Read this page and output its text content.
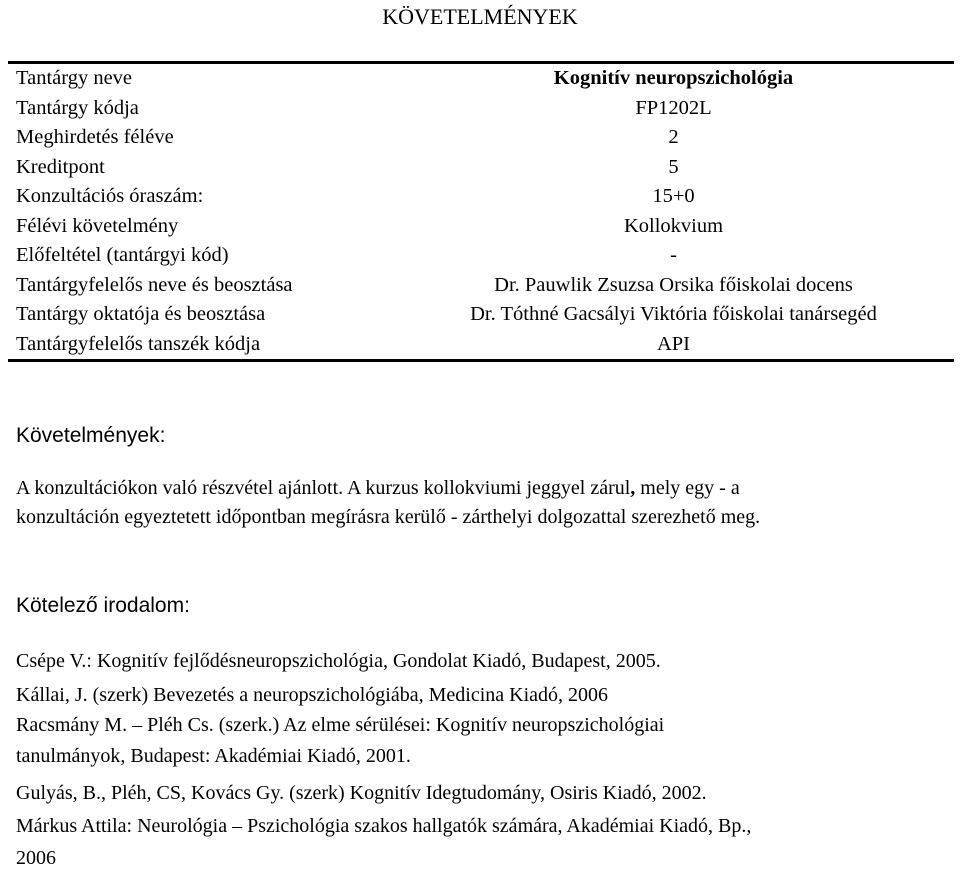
KÖVETELMÉNYEK
Tantárgy neve	Kognitív neuropszichológia
Tantárgy kódja	FP1202L
Meghirdetés féléve	2
Kreditpont	5
Konzultációs óraszám:	15+0
Félévi követelmény	Kollokvium
Előfeltétel (tantárgyi kód)	-
Tantárgyfelelős neve és beosztása	Dr. Pauwlik Zsuzsa Orsika főiskolai docens
Tantárgy oktatója és beosztása	Dr. Tóthné Gacsályi Viktória főiskolai tanársegéd
Tantárgyfelelős tanszék kódja	API
Követelmények:

A konzultációkon való részvétel ajánlott. A kurzus kollokviumi jeggyel zárul, mely egy - a

konzultáción egyeztetett időpontban megírásra kerülő - zárthelyi dolgozattal szerezhető meg.

Kötelező irodalom:
Csépe V.: Kognitív fejlődésneuropszichológia, Gondolat Kiadó, Budapest, 2005.
Kállai, J. (szerk) Bevezetés a neuropszichológiába, Medicina Kiadó, 2006
Racsmány M. – Pléh Cs. (szerk.) Az elme sérülései: Kognitív neuropszichológiai
tanulmányok, Budapest: Akadémiai Kiadó, 2001.
Gulyás, B., Pléh, CS, Kovács Gy. (szerk) Kognitív Idegtudomány, Osiris Kiadó, 2002.
Márkus Attila: Neurológia – Pszichológia szakos hallgatók számára, Akadémiai Kiadó, Bp.,
2006
